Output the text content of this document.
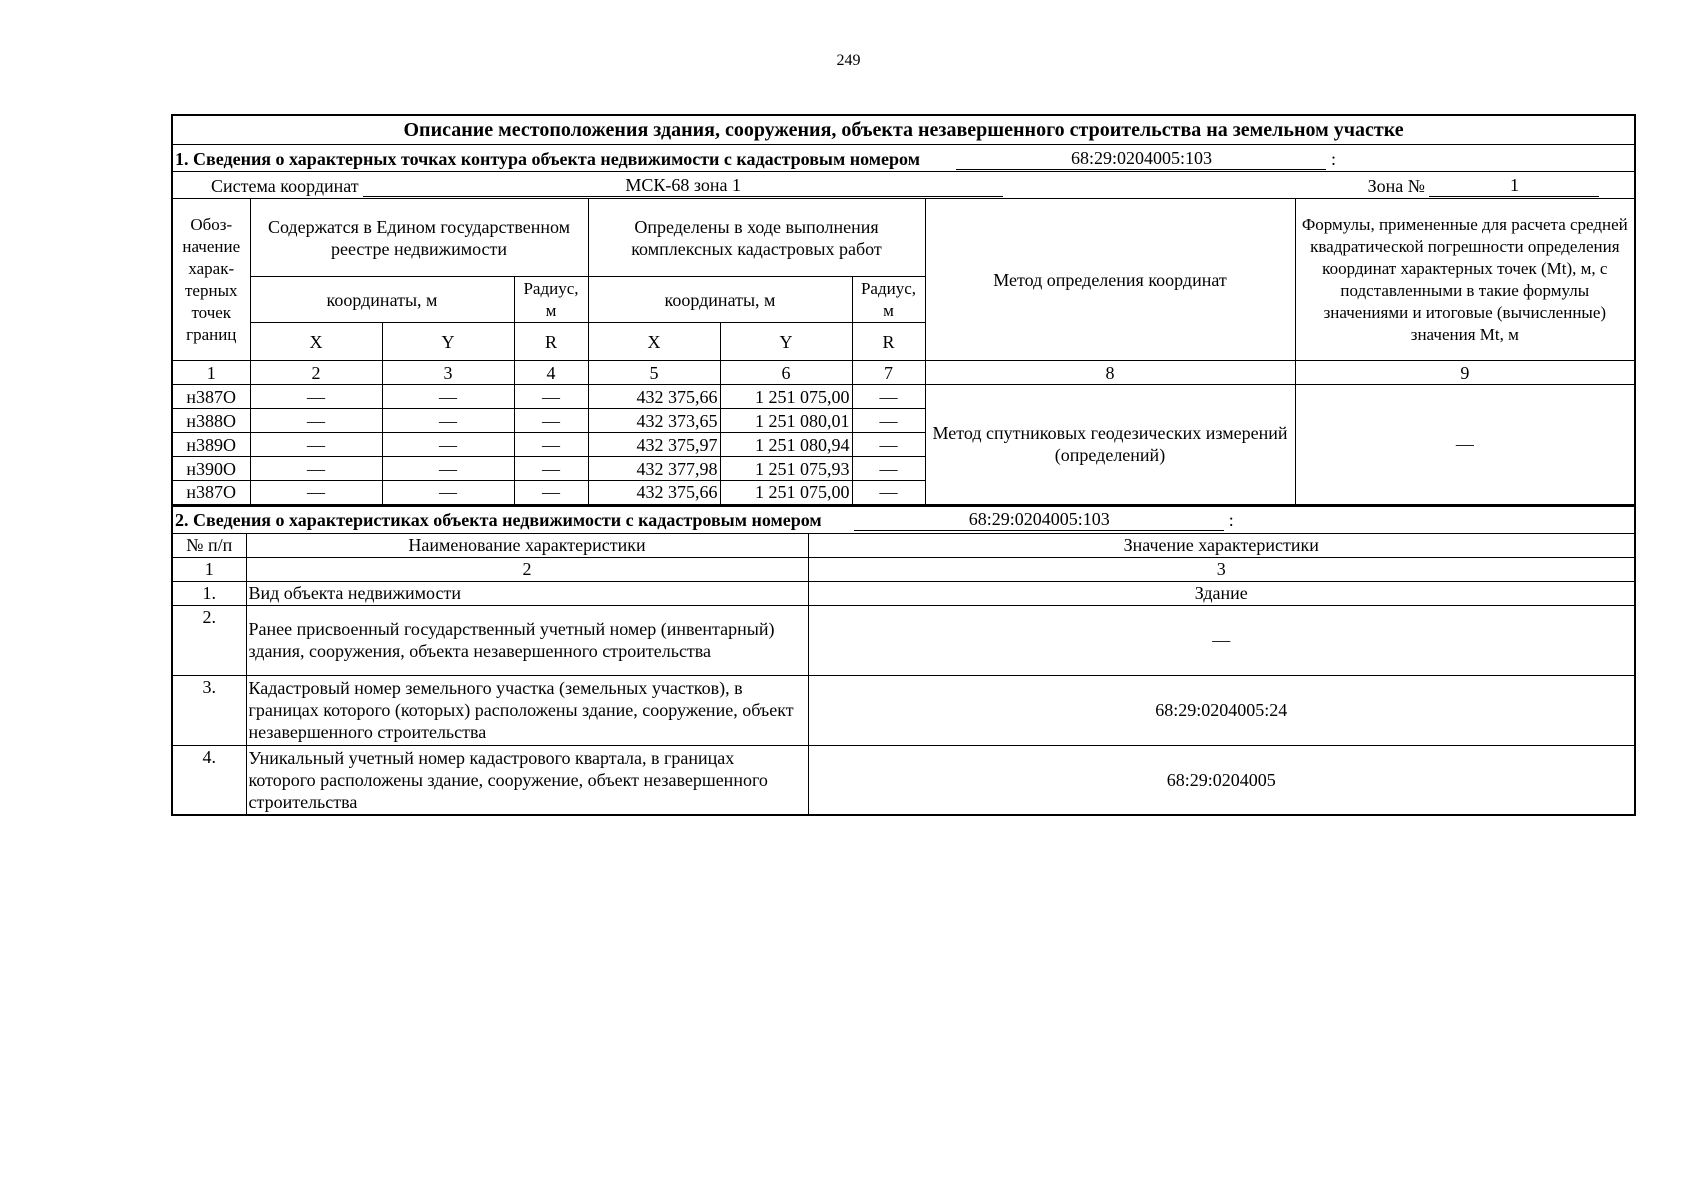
249
Описание местоположения здания, сооружения, объекта незавершенного строительства на земельном участке								
1. Сведения о характерных точках контура объекта недвижимости с кадастровым номером 68:29:0204005:103 :								
Система координат МСК-68 зона 1 Зона № 1								
Обоз- начение харак- терных точек границ	Содержатся в Едином государственном реестре недвижимости			Определены в ходе выполнения комплексных кадастровых работ			Метод определения координат	Формулы, примененные для расчета средней квадратической погрешности определения координат характерных точек (Mt), м, с подставленными в такие формулы значениями и итоговые (вычисленные) значения Mt, м
	координаты, м		Радиус, м	координаты, м		Радиус, м		
	X	Y	R	X	Y	R		
1	2	3	4	5	6	7	8	9
н387О	—	—	—	432 375,66	1 251 075,00	—	Метод спутниковых геодезических измерений (определений)	—
н388О	—	—	—	432 373,65	1 251 080,01	—		
н389О	—	—	—	432 375,97	1 251 080,94	—		
н390О	—	—	—	432 377,98	1 251 075,93	—		
н387О	—	—	—	432 375,66	1 251 075,00	—		
2. Сведения о характеристиках объекта недвижимости с кадастровым номером 68:29:0204005:103 :		
№ п/п	Наименование характеристики	Значение характеристики
1	2	3
1.	Вид объекта недвижимости	Здание
2.	Ранее присвоенный государственный учетный номер (инвентарный) здания, сооружения, объекта незавершенного строительства	—
3.	Кадастровый номер земельного участка (земельных участков), в границах которого (которых) расположены здание, сооружение, объект незавершенного строительства	68:29:0204005:24
4.	Уникальный учетный номер кадастрового квартала, в границах которого расположены здание, сооружение, объект незавершенного строительства	68:29:0204005
